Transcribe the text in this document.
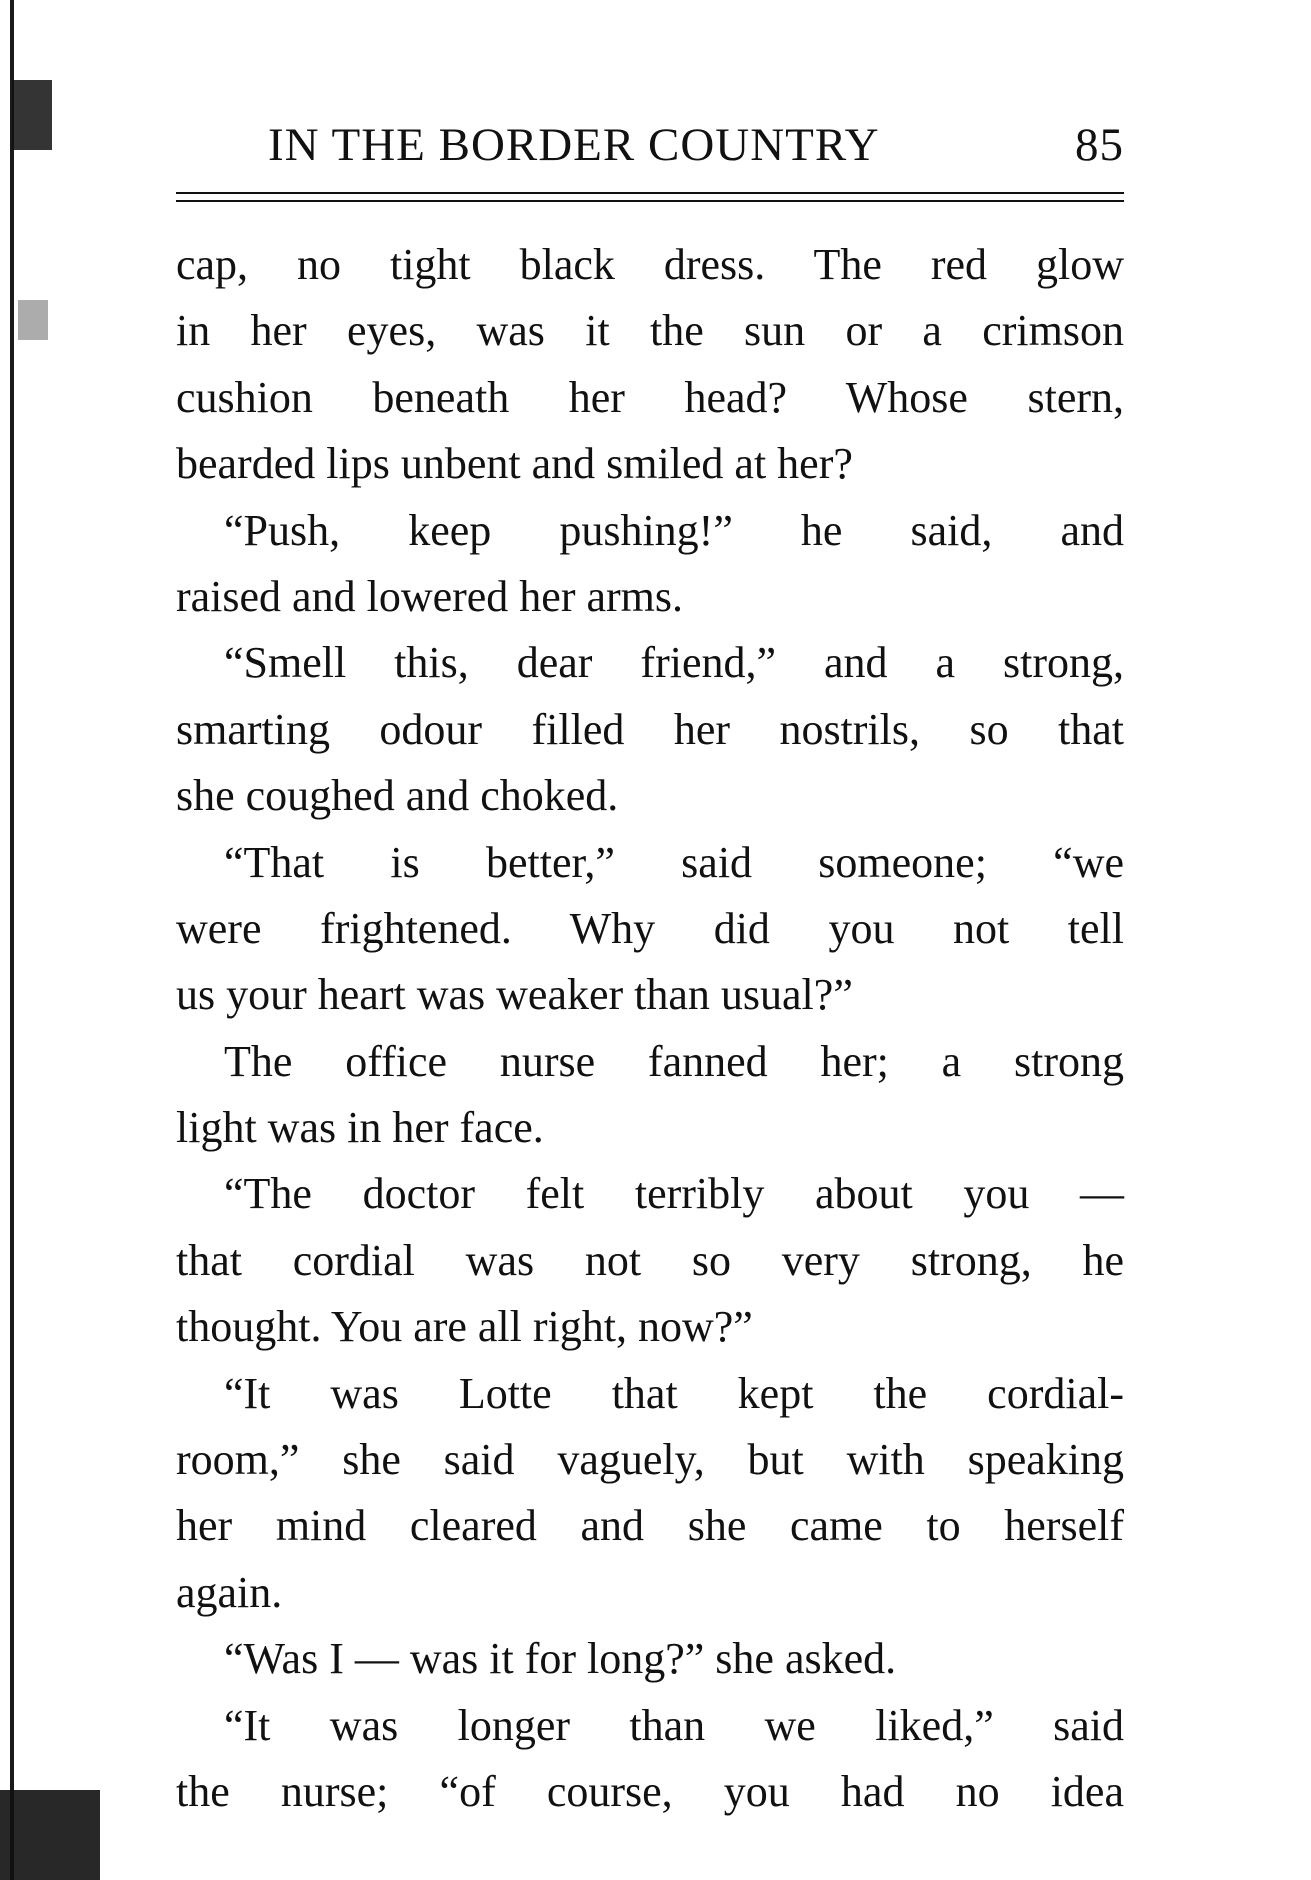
IN THE BORDER COUNTRY	85
cap, no tight black dress. The red glow
in her eyes, was it the sun or a crimson
cushion beneath her head? Whose stern,
bearded lips unbent and smiled at her?
“Push, keep pushing!” he said, and
raised and lowered her arms.
“Smell this, dear friend,” and a strong,
smarting odour filled her nostrils, so that
she coughed and choked.
“That is better,” said someone; “we
were frightened. Why did you not tell
us your heart was weaker than usual?”
The office nurse fanned her; a strong
light was in her face.
“The doctor felt terribly about you —
that cordial was not so very strong, he
thought. You are all right, now?”
“It was Lotte that kept the cordial-
room,” she said vaguely, but with speaking
her mind cleared and she came to herself
again.
“Was I — was it for long?” she asked.
“It was longer than we liked,” said
the nurse; “of course, you had no idea
